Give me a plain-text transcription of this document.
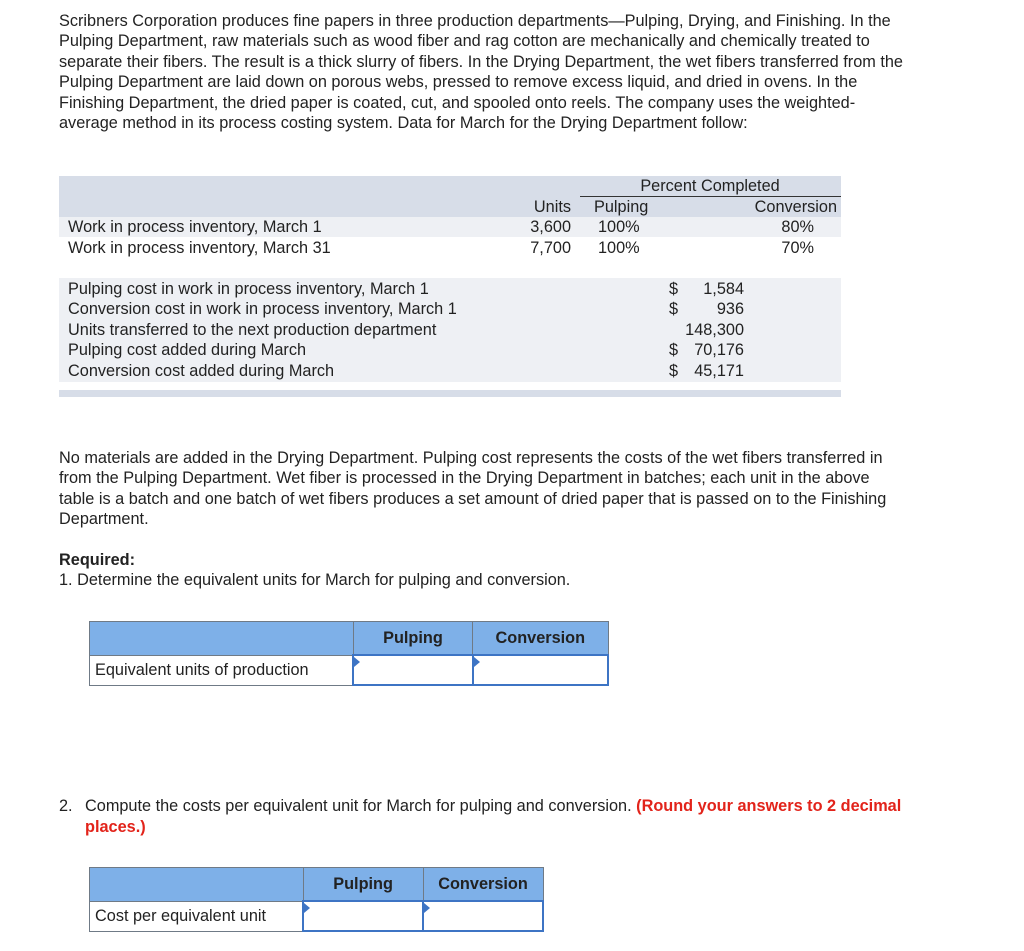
Scribners Corporation produces fine papers in three production departments—Pulping, Drying, and Finishing. In the Pulping Department, raw materials such as wood fiber and rag cotton are mechanically and chemically treated to separate their fibers. The result is a thick slurry of fibers. In the Drying Department, the wet fibers transferred from the Pulping Department are laid down on porous webs, pressed to remove excess liquid, and dried in ovens. In the Finishing Department, the dried paper is coated, cut, and spooled onto reels. The company uses the weighted-average method in its process costing system. Data for March for the Drying Department follow:

Percent Completed
Units Pulping	Conversion
Work in process inventory, March 1	3,600 100%	80%
Work in process inventory, March 31	7,700 100%	70%
Pulping cost in work in process inventory, March 1	$	1,584
Conversion cost in work in process inventory, March 1	$	936
Units transferred to the next production department	148,300
Pulping cost added during March	$ 70,176
Conversion cost added during March	$ 45,171

No materials are added in the Drying Department. Pulping cost represents the costs of the wet fibers transferred in from the Pulping Department. Wet fiber is processed in the Drying Department in batches; each unit in the above table is a batch and one batch of wet fibers produces a set amount of dried paper that is passed on to the Finishing Department.

Required:

1. Determine the equivalent units for March for pulping and conversion.

	Pulping	Conversion
Equivalent units of production		
2. Compute the costs per equivalent unit for March for pulping and conversion. (Round your answers to 2 decimal places.)
	Pulping	Conversion
Cost per equivalent unit		
